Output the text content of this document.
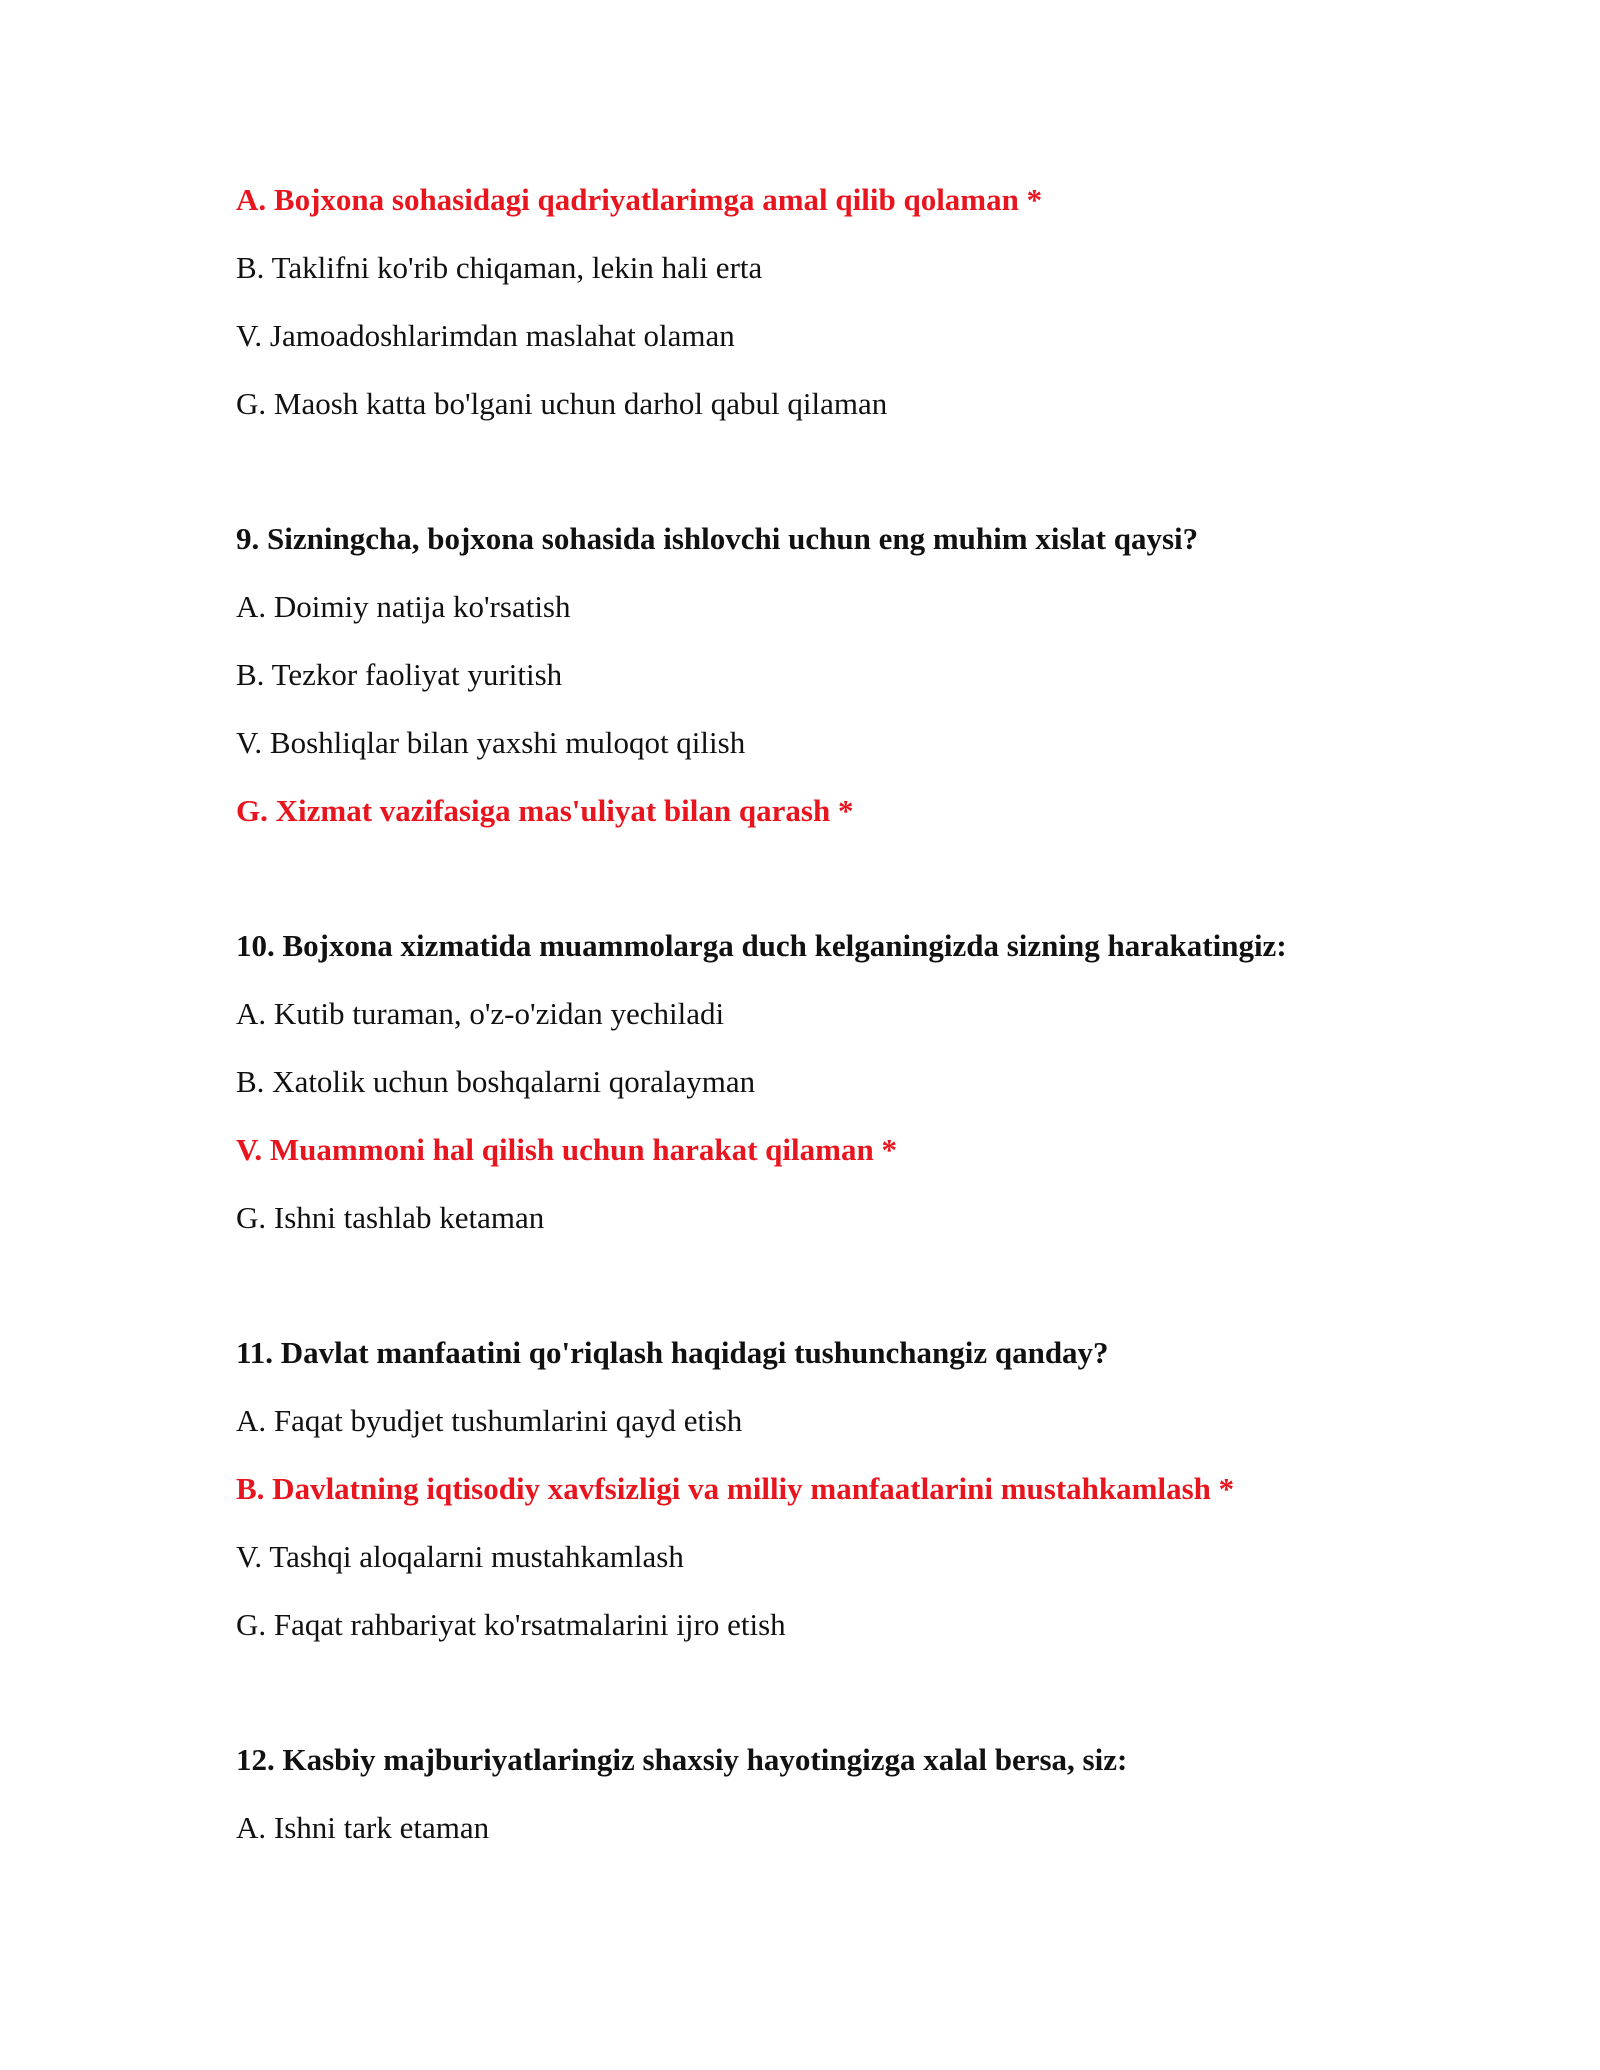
A. Bojxona sohasidagi qadriyatlarimga amal qilib qolaman *
B. Taklifni ko'rib chiqaman, lekin hali erta
V. Jamoadoshlarimdan maslahat olaman
G. Maosh katta bo'lgani uchun darhol qabul qilaman
9. Sizningcha, bojxona sohasida ishlovchi uchun eng muhim xislat qaysi?
A. Doimiy natija ko'rsatish
B. Tezkor faoliyat yuritish
V. Boshliqlar bilan yaxshi muloqot qilish
G. Xizmat vazifasiga mas'uliyat bilan qarash *
10. Bojxona xizmatida muammolarga duch kelganingizda sizning harakatingiz:
A. Kutib turaman, o'z-o'zidan yechiladi
B. Xatolik uchun boshqalarni qoralayman
V. Muammoni hal qilish uchun harakat qilaman *
G. Ishni tashlab ketaman
11. Davlat manfaatini qo'riqlash haqidagi tushunchangiz qanday?
A. Faqat byudjet tushumlarini qayd etish
B. Davlatning iqtisodiy xavfsizligi va milliy manfaatlarini mustahkamlash *
V. Tashqi aloqalarni mustahkamlash
G. Faqat rahbariyat ko'rsatmalarini ijro etish
12. Kasbiy majburiyatlaringiz shaxsiy hayotingizga xalal bersa, siz:
A. Ishni tark etaman
